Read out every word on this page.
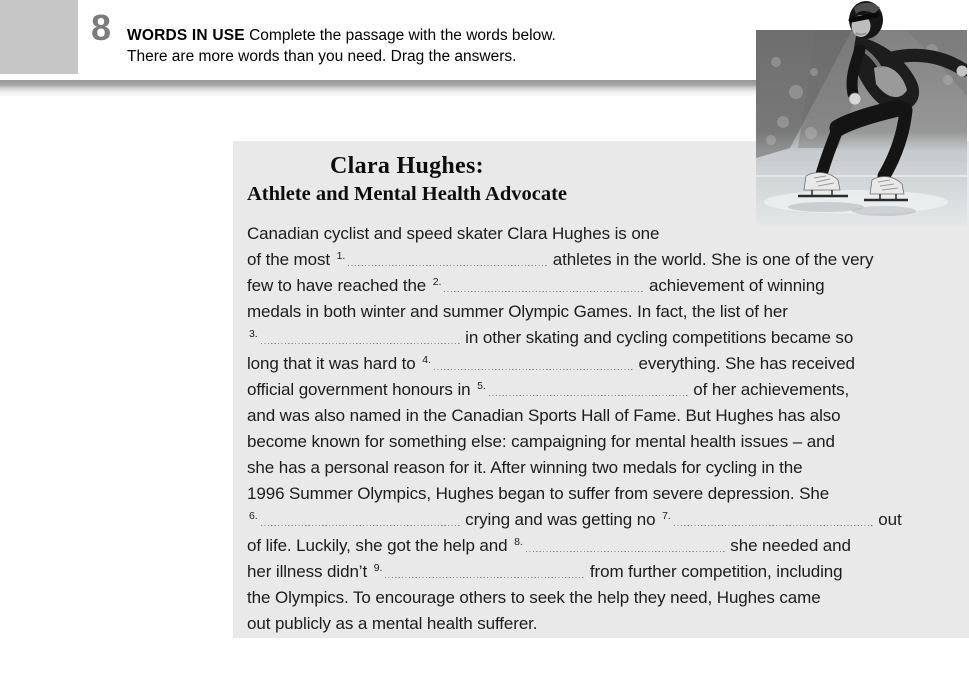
8 WORDS IN USE Complete the passage with the words below.
There are more words than you need. Drag the answers.
Clara Hughes:
Athlete and Mental Health Advocate
Canadian cyclist and speed skater Clara Hughes is one
of the most 1.	athletes in the world. She is one of the very
few to have reached the 2.	achievement of winning
medals in both winter and summer Olympic Games. In fact, the list of her
3.	in other skating and cycling competitions became so
long that it was hard to 4.	everything. She has received
official government honours in 5.	of her achievements,
and was also named in the Canadian Sports Hall of Fame. But Hughes has also
become known for something else: campaigning for mental health issues – and
she has a personal reason for it. After winning two medals for cycling in the
1996 Summer Olympics, Hughes began to suffer from severe depression. She
6.	crying and was getting no 7.	out
of life. Luckily, she got the help and 8.	she needed and
her illness didn’t 9.	from further competition, including
the Olympics. To encourage others to seek the help they need, Hughes came
out publicly as a mental health sufferer.
